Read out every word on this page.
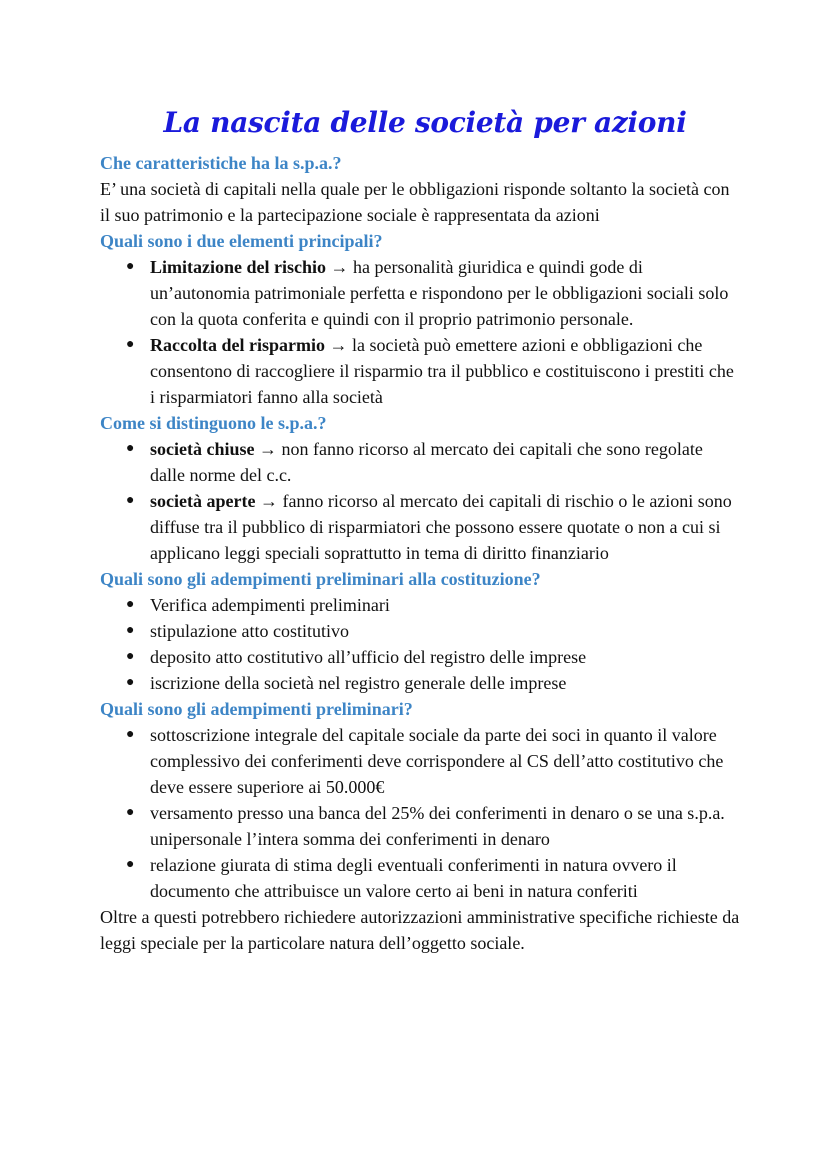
La nascita delle società per azioni
Che caratteristiche ha la s.p.a.?

E’ una società di capitali nella quale per le obbligazioni risponde soltanto la società con il suo patrimonio e la partecipazione sociale è rappresentata da azioni

Quali sono i due elementi principali?
● Limitazione del rischio → ha personalità giuridica e quindi gode di un’autonomia patrimoniale perfetta e rispondono per le obbligazioni sociali solo con la quota conferita e quindi con il proprio patrimonio personale.
● Raccolta del risparmio → la società può emettere azioni e obbligazioni che consentono di raccogliere il risparmio tra il pubblico e costituiscono i prestiti che i risparmiatori fanno alla società
Come si distinguono le s.p.a.?
● società chiuse → non fanno ricorso al mercato dei capitali che sono regolate dalle norme del c.c.
● società aperte → fanno ricorso al mercato dei capitali di rischio o le azioni sono diffuse tra il pubblico di risparmiatori che possono essere quotate o non a cui si applicano leggi speciali soprattutto in tema di diritto finanziario
Quali sono gli adempimenti preliminari alla costituzione?
● Verifica adempimenti preliminari
● stipulazione atto costitutivo
● deposito atto costitutivo all’ufficio del registro delle imprese
● iscrizione della società nel registro generale delle imprese
Quali sono gli adempimenti preliminari?
● sottoscrizione integrale del capitale sociale da parte dei soci in quanto il valore complessivo dei conferimenti deve corrispondere al CS dell’atto costitutivo che deve essere superiore ai 50.000€
● versamento presso una banca del 25% dei conferimenti in denaro o se una s.p.a. unipersonale l’intera somma dei conferimenti in denaro
● relazione giurata di stima degli eventuali conferimenti in natura ovvero il documento che attribuisce un valore certo ai beni in natura conferiti

Oltre a questi potrebbero richiedere autorizzazioni amministrative specifiche richieste da leggi speciale per la particolare natura dell’oggetto sociale.
